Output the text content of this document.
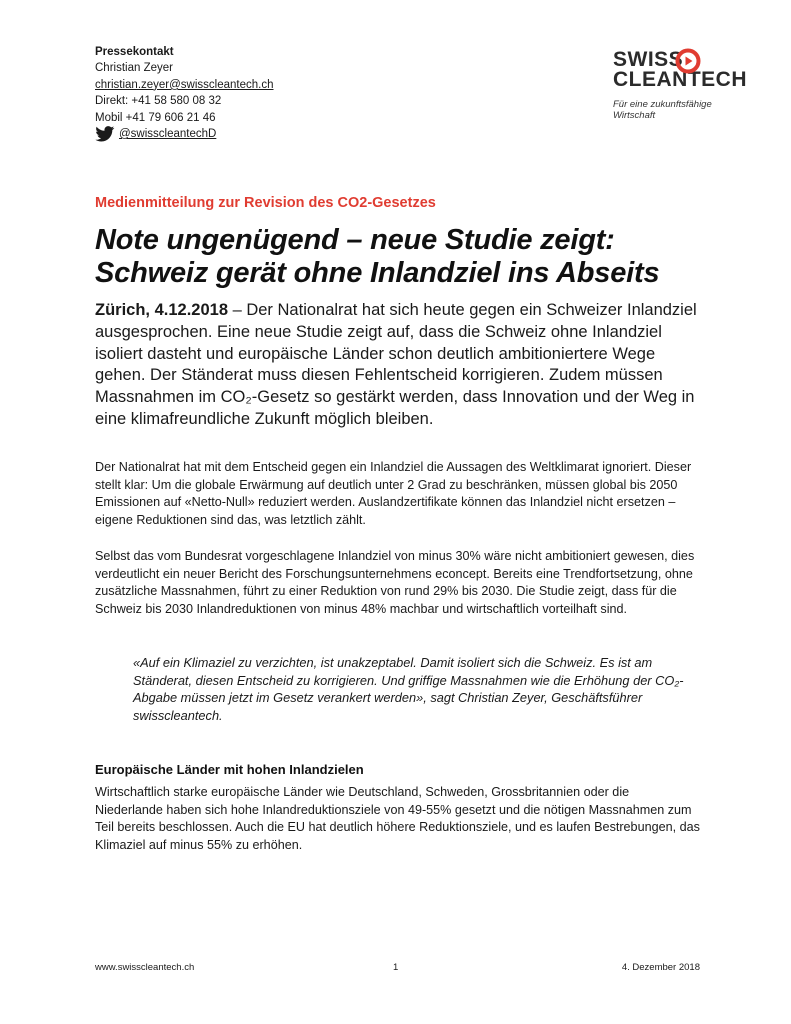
Pressekontakt
Christian Zeyer
christian.zeyer@swisscleantech.ch
Direkt: +41 58 580 08 32
Mobil +41 79 606 21 46
@swisscleantechD
SWISS
CLEANTECH
Für eine zukunftsfähige
Wirtschaft
Medienmitteilung zur Revision des CO2-Gesetzes
Note ungenügend – neue Studie zeigt:
Schweiz gerät ohne Inlandziel ins Abseits
Zürich, 4.12.2018 – Der Nationalrat hat sich heute gegen ein Schweizer Inlandziel ausgesprochen. Eine neue Studie zeigt auf, dass die Schweiz ohne Inlandziel isoliert dasteht und europäische Länder schon deutlich ambitioniertere Wege gehen. Der Ständerat muss diesen Fehlentscheid korrigieren. Zudem müssen Massnahmen im CO₂-Gesetz so gestärkt werden, dass Innovation und der Weg in eine klimafreundliche Zukunft möglich bleiben.
Der Nationalrat hat mit dem Entscheid gegen ein Inlandziel die Aussagen des Weltklimarat ignoriert. Dieser stellt klar: Um die globale Erwärmung auf deutlich unter 2 Grad zu beschränken, müssen global bis 2050 Emissionen auf «Netto-Null» reduziert werden. Auslandzertifikate können das Inlandziel nicht ersetzen – eigene Reduktionen sind das, was letztlich zählt.
Selbst das vom Bundesrat vorgeschlagene Inlandziel von minus 30% wäre nicht ambitioniert gewesen, dies verdeutlicht ein neuer Bericht des Forschungsunternehmens econcept. Bereits eine Trendfortsetzung, ohne zusätzliche Massnahmen, führt zu einer Reduktion von rund 29% bis 2030. Die Studie zeigt, dass für die Schweiz bis 2030 Inlandreduktionen von minus 48% machbar und wirtschaftlich vorteilhaft sind.
«Auf ein Klimaziel zu verzichten, ist unakzeptabel. Damit isoliert sich die Schweiz. Es ist am Ständerat, diesen Entscheid zu korrigieren. Und griffige Massnahmen wie die Erhöhung der CO₂-Abgabe müssen jetzt im Gesetz verankert werden», sagt Christian Zeyer, Geschäftsführer swisscleantech.
Europäische Länder mit hohen Inlandzielen
Wirtschaftlich starke europäische Länder wie Deutschland, Schweden, Grossbritannien oder die Niederlande haben sich hohe Inlandreduktionsziele von 49-55% gesetzt und die nötigen Massnahmen zum Teil bereits beschlossen. Auch die EU hat deutlich höhere Reduktionsziele, und es laufen Bestrebungen, das Klimaziel auf minus 55% zu erhöhen.
www.swisscleantech.ch	1	4. Dezember 2018
